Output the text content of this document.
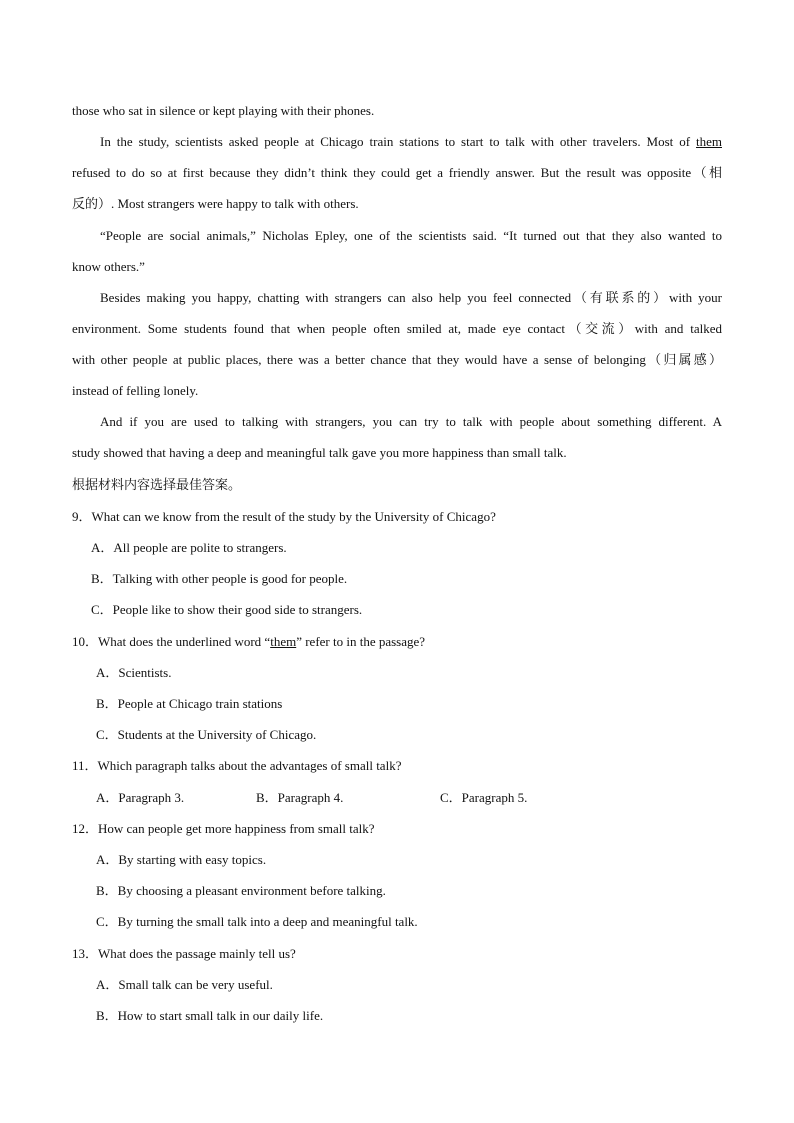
those who sat in silence or kept playing with their phones.
In the study, scientists asked people at Chicago train stations to start to talk with other travelers. Most of them
refused to do so at first because they didn’t think they could get a friendly answer. But the result was opposite（相
反的）. Most strangers were happy to talk with others.
“People are social animals,” Nicholas Epley, one of the scientists said. “It turned out that they also wanted to
know others.”
Besides making you happy, chatting with strangers can also help you feel connected（有联系的）with your
environment. Some students found that when people often smiled at, made eye contact（交流）with and talked
with other people at public places, there was a better chance that they would have a sense of belonging（归属感）
instead of felling lonely.
And if you are used to talking with strangers, you can try to talk with people about something different. A
study showed that having a deep and meaningful talk gave you more happiness than small talk.
根据材料内容选择最佳答案。
9．What can we know from the result of the study by the University of Chicago?
A．All people are polite to strangers.
B．Talking with other people is good for people.
C．People like to show their good side to strangers.
10．What does the underlined word “them” refer to in the passage?
A．Scientists.
B．People at Chicago train stations
C．Students at the University of Chicago.
11．Which paragraph talks about the advantages of small talk?
A．Paragraph 3.	B．Paragraph 4.	C．Paragraph 5.
12．How can people get more happiness from small talk?
A．By starting with easy topics.
B．By choosing a pleasant environment before talking.
C．By turning the small talk into a deep and meaningful talk.
13．What does the passage mainly tell us?
A．Small talk can be very useful.
B．How to start small talk in our daily life.
